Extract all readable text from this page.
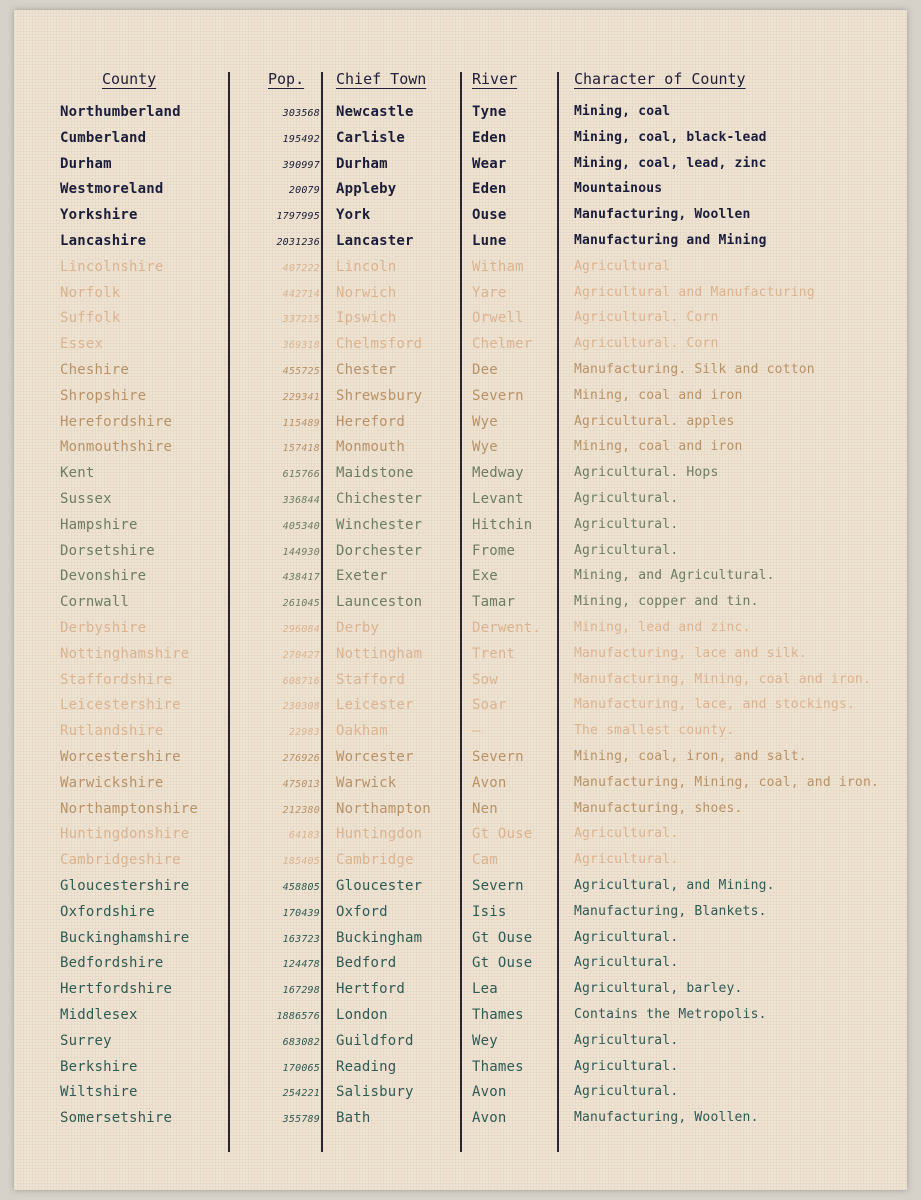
County	Pop. Chief Town	River	Character of County
Northumberland	303568 Newcastle	Tyne	Mining, coal
Cumberland	195492 Carlisle	Eden	Mining, coal, black-lead
Durham	390997 Durham	Wear	Mining, coal, lead, zinc
Westmoreland	20079 Appleby	Eden	Mountainous
Yorkshire	1797995 York	Ouse	Manufacturing, Woollen
Lancashire	2031236 Lancaster	Lune	Manufacturing and Mining
Lincolnshire	407222 Lincoln	Witham	Agricultural
Norfolk	442714 Norwich	Yare	Agricultural and Manufacturing
Suffolk	337215 Ipswich	Orwell	Agricultural. Corn
Essex	369318 Chelmsford	Chelmer	Agricultural. Corn
Cheshire	455725 Chester	Dee	Manufacturing. Silk and cotton
Shropshire	229341 Shrewsbury	Severn	Mining, coal and iron
Herefordshire	115489 Hereford	Wye	Agricultural. apples
Monmouthshire	157418 Monmouth	Wye	Mining, coal and iron
Kent	615766 Maidstone	Medway	Agricultural. Hops
Sussex	336844 Chichester	Levant	Agricultural.
Hampshire	405340 Winchester	Hitchin	Agricultural.
Dorsetshire	144930 Dorchester	Frome	Agricultural.
Devonshire	438417 Exeter	Exe	Mining, and Agricultural.
Cornwall	261045 Launceston	Tamar	Mining, copper and tin.
Derbyshire	296084 Derby	Derwent.	Mining, lead and zinc.
Nottinghamshire	270427 Nottingham	Trent	Manufacturing, lace and silk.
Staffordshire	608716 Stafford	Sow	Manufacturing, Mining, coal and iron.
Leicestershire	230308 Leicester	Soar	Manufacturing, lace, and stockings.
Rutlandshire	22983 Oakham	—	The smallest county.
Worcestershire	276926 Worcester	Severn	Mining, coal, iron, and salt.
Warwickshire	475013 Warwick	Avon	Manufacturing, Mining, coal, and iron.
Northamptonshire	212380 Northampton	Nen	Manufacturing, shoes.
Huntingdonshire	64183 Huntingdon	Gt Ouse	Agricultural.
Cambridgeshire	185405 Cambridge	Cam	Agricultural.
Gloucestershire	458805 Gloucester	Severn	Agricultural, and Mining.
Oxfordshire	170439 Oxford	Isis	Manufacturing, Blankets.
Buckinghamshire	163723 Buckingham	Gt Ouse	Agricultural.
Bedfordshire	124478 Bedford	Gt Ouse	Agricultural.
Hertfordshire	167298 Hertford	Lea	Agricultural, barley.
Middlesex	1886576 London	Thames	Contains the Metropolis.
Surrey	683082 Guildford	Wey	Agricultural.
Berkshire	170065 Reading	Thames	Agricultural.
Wiltshire	254221 Salisbury	Avon	Agricultural.
Somersetshire	355789 Bath	Avon	Manufacturing, Woollen.
